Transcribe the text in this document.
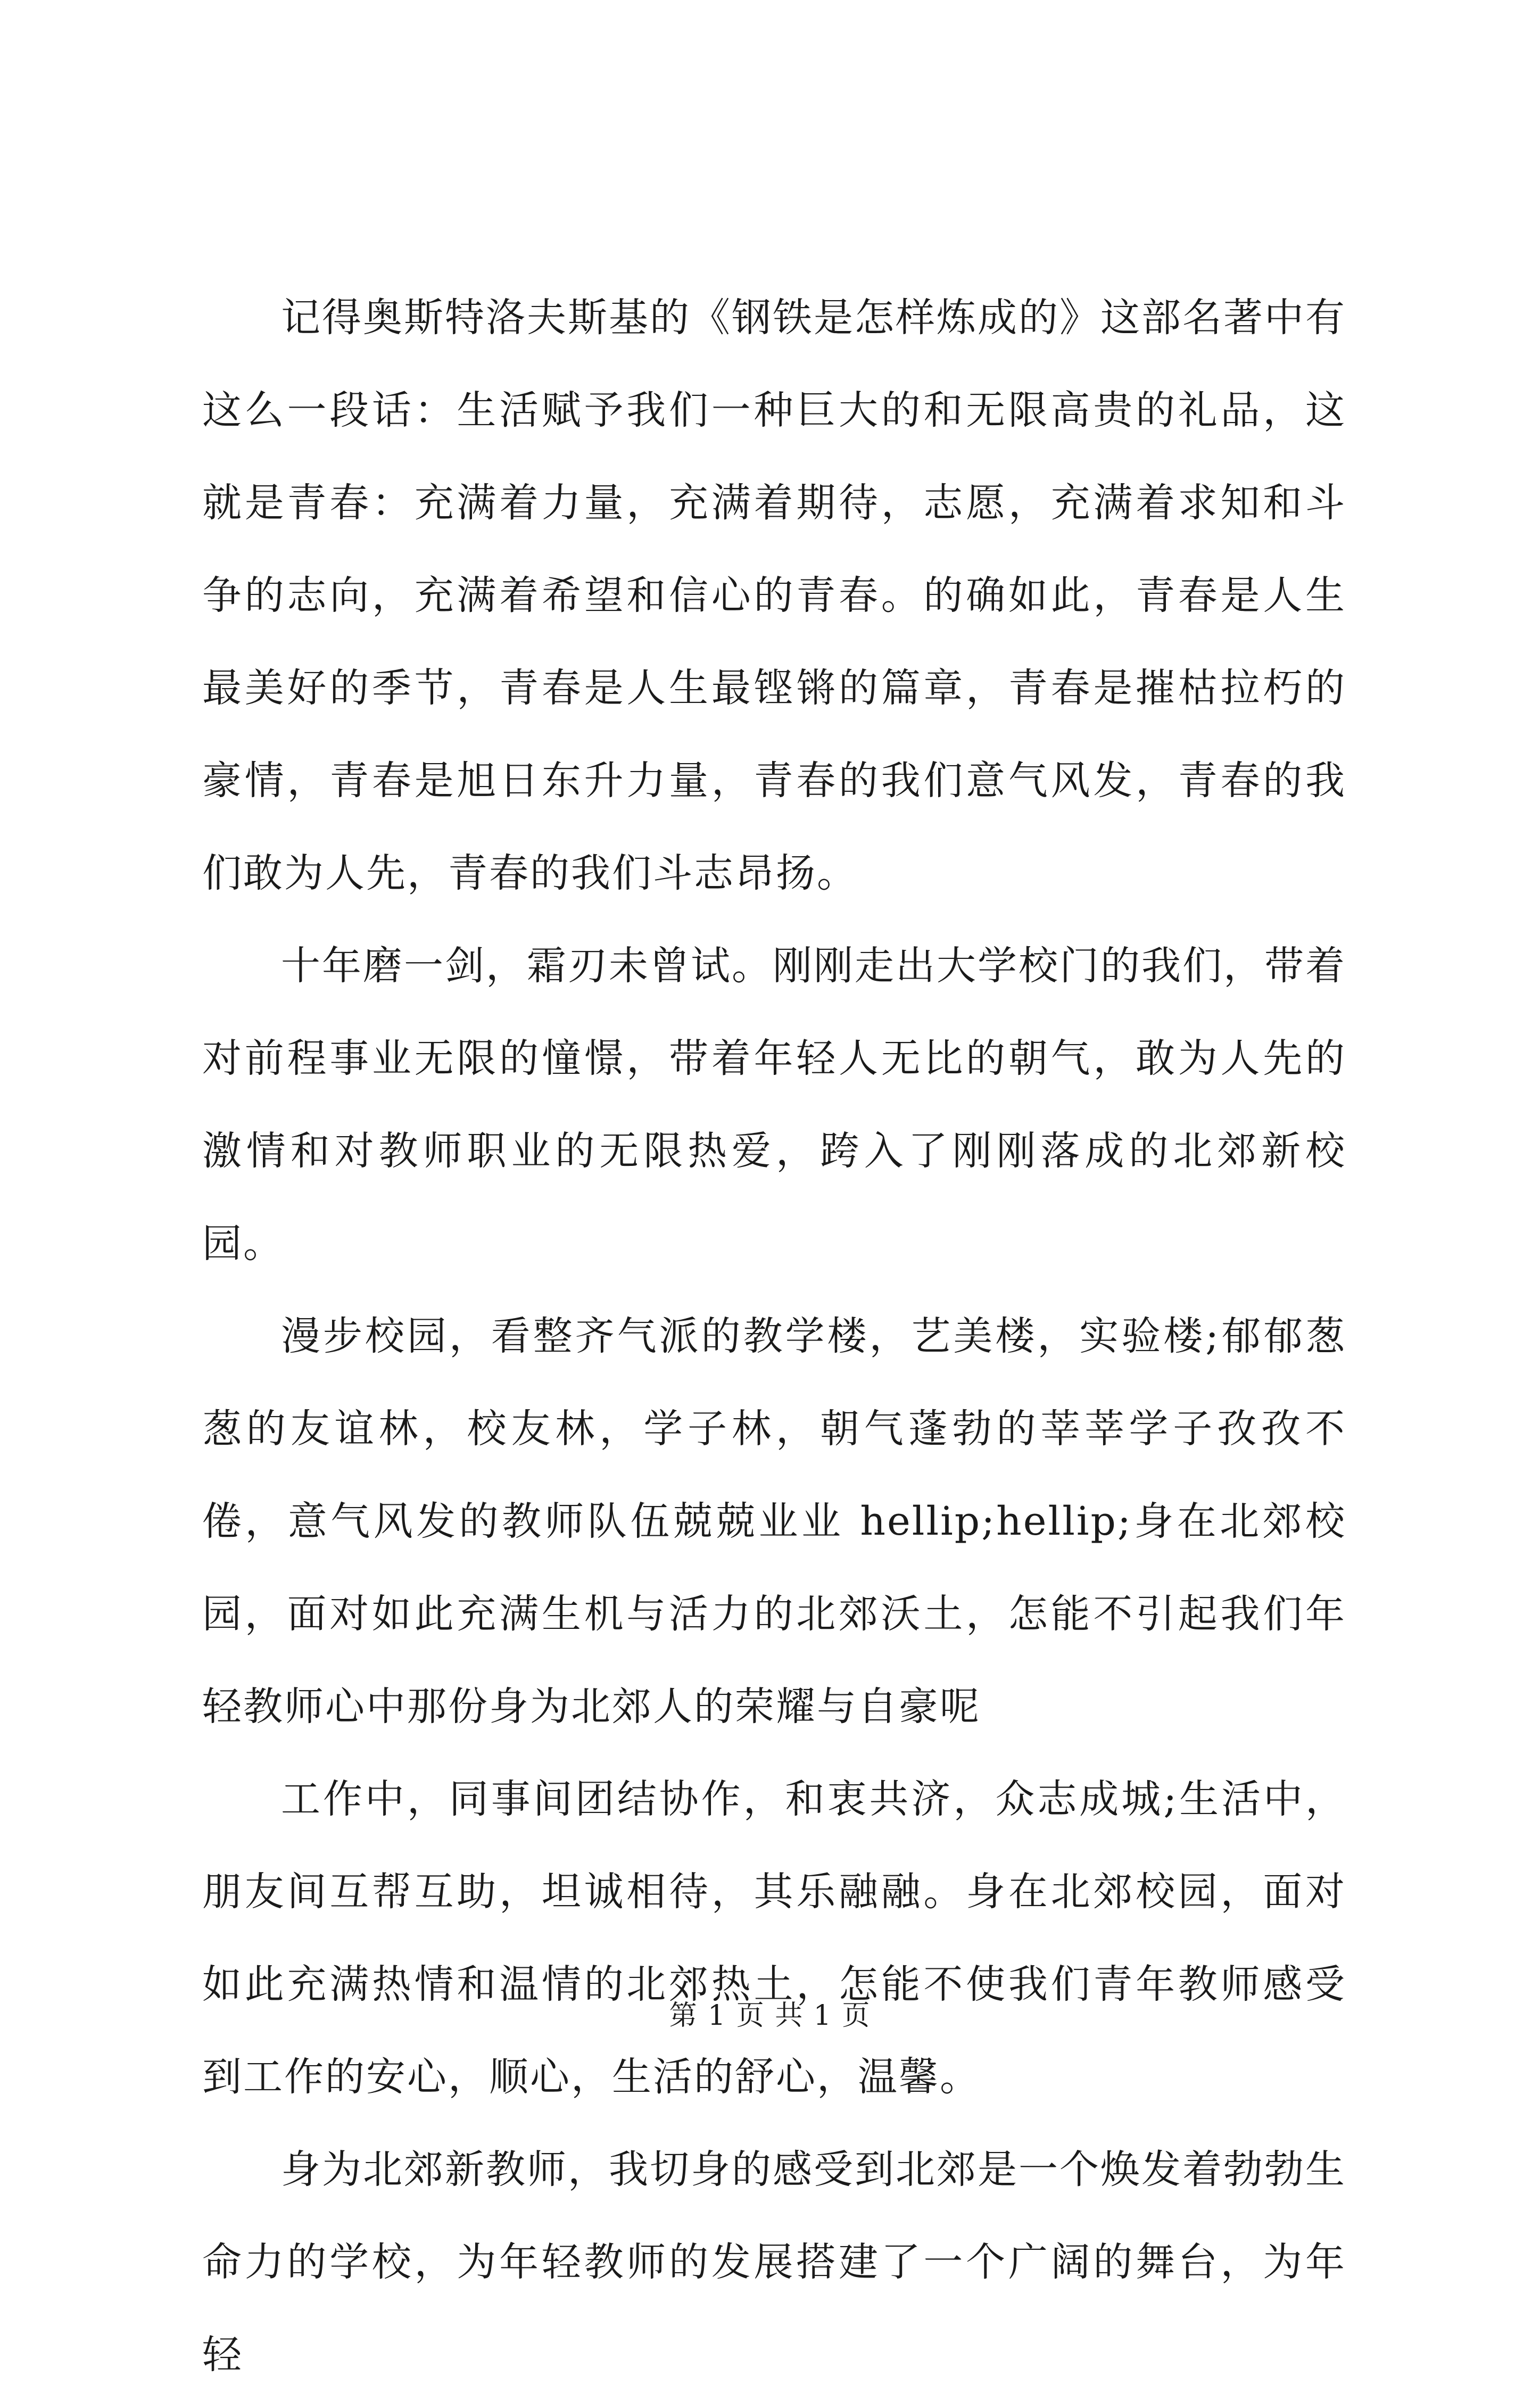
记得奥斯特洛夫斯基的《钢铁是怎样炼成的》这部名著中有这么一段话：生活赋予我们一种巨大的和无限高贵的礼品，这就是青春：充满着力量，充满着期待，志愿，充满着求知和斗争的志向，充满着希望和信心的青春。的确如此，青春是人生最美好的季节，青春是人生最铿锵的篇章，青春是摧枯拉朽的豪情，青春是旭日东升力量，青春的我们意气风发，青春的我们敢为人先，青春的我们斗志昂扬。

十年磨一剑，霜刃未曾试。刚刚走出大学校门的我们，带着对前程事业无限的憧憬，带着年轻人无比的朝气，敢为人先的激情和对教师职业的无限热爱，跨入了刚刚落成的北郊新校园。

漫步校园，看整齐气派的教学楼，艺美楼，实验楼;郁郁葱葱的友谊林，校友林，学子林，朝气蓬勃的莘莘学子孜孜不倦，意气风发的教师队伍兢兢业业 hellip;hellip;身在北郊校园，面对如此充满生机与活力的北郊沃土，怎能不引起我们年轻教师心中那份身为北郊人的荣耀与自豪呢

工作中，同事间团结协作，和衷共济，众志成城;生活中，朋友间互帮互助，坦诚相待，其乐融融。身在北郊校园，面对如此充满热情和温情的北郊热土，怎能不使我们青年教师感受到工作的安心，顺心，生活的舒心，温馨。

身为北郊新教师，我切身的感受到北郊是一个焕发着勃勃生命力的学校，为年轻教师的发展搭建了一个广阔的舞台，为年轻

第 1 页 共 1 页
